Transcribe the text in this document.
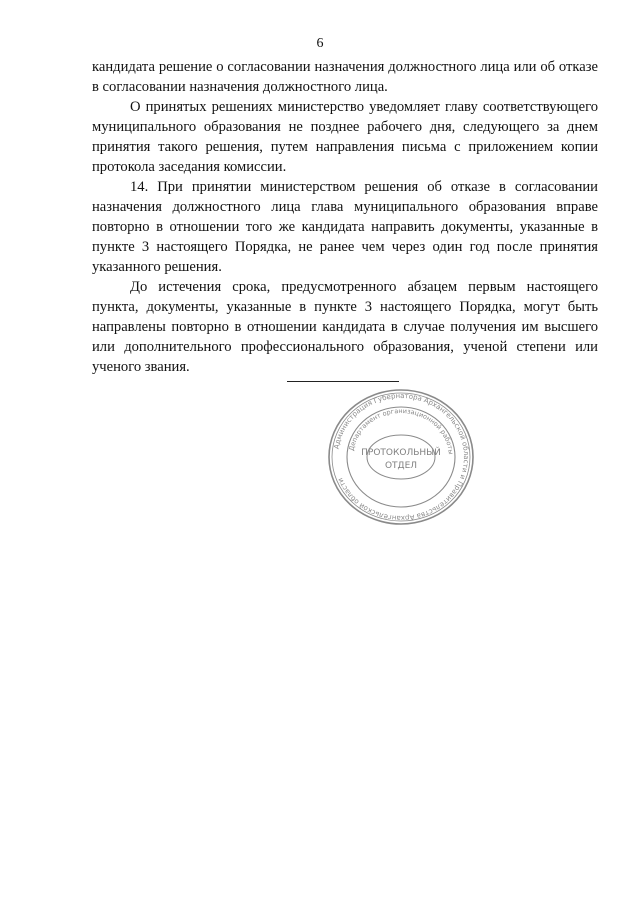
6

кандидата решение о согласовании назначения должностного лица или об отказе в согласовании назначения должностного лица.

О принятых решениях министерство уведомляет главу соответствующего муниципального образования не позднее рабочего дня, следующего за днем принятия такого решения, путем направления письма с приложением копии протокола заседания комиссии.

14. При принятии министерством решения об отказе в согласовании назначения должностного лица глава муниципального образования вправе повторно в отношении того же кандидата направить документы, указанные в пункте 3 настоящего Порядка, не ранее чем через один год после принятия указанного решения.

До истечения срока, предусмотренного абзацем первым настоящего пункта, документы, указанные в пункте 3 настоящего Порядка, могут быть направлены повторно в отношении кандидата в случае получения им высшего или дополнительного профессионального образования, ученой степени или ученого звания.

Администрация Губернатора Архангельской области и Правительства Архангельской области
Департамент организационной работы
ПРОТОКОЛЬНЫЙ
ОТДЕЛ
